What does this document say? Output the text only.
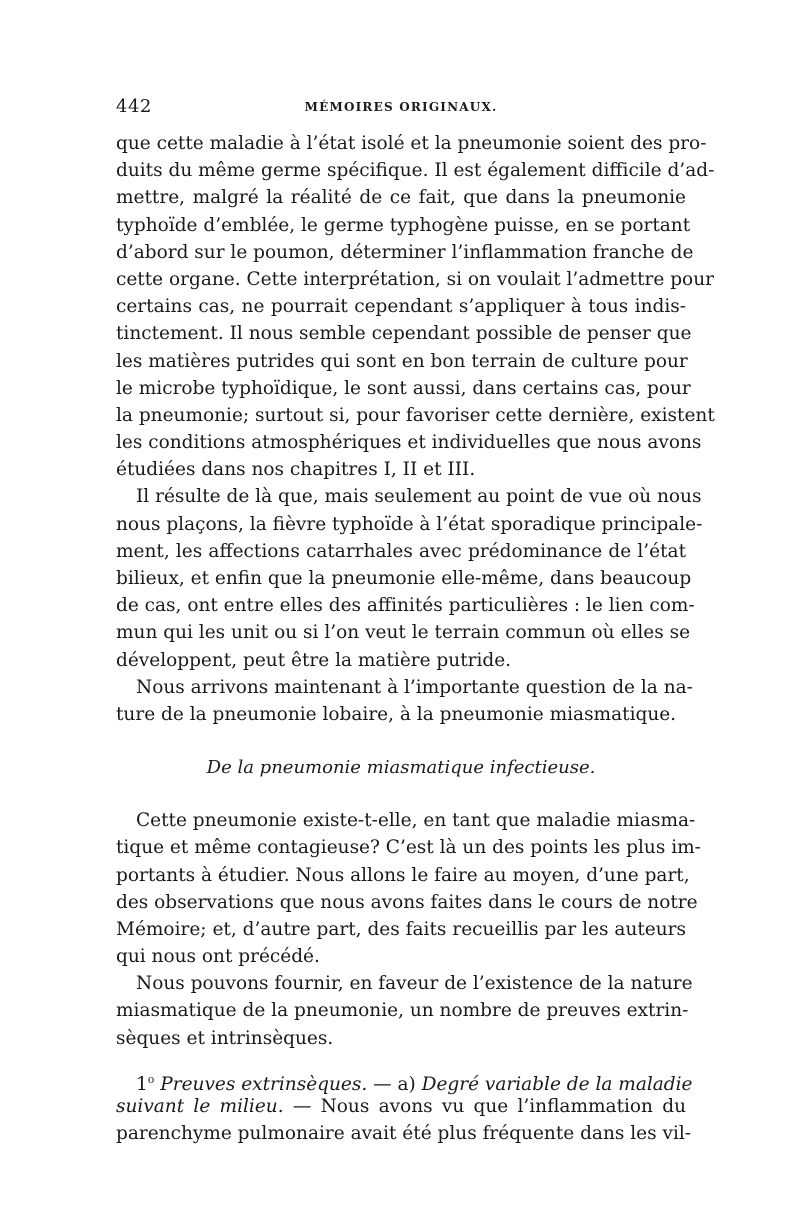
442	MÉMOIRES ORIGINAUX.
que cette maladie à l’état isolé et la pneumonie soient des pro-
duits du même germe spécifique. Il est également difficile d’ad-
mettre, malgré la réalité de ce fait, que dans la pneumonie
typhoïde d’emblée, le germe typhogène puisse, en se portant
d’abord sur le poumon, déterminer l’inflammation franche de
cette organe. Cette interprétation, si on voulait l’admettre pour
certains cas, ne pourrait cependant s’appliquer à tous indis-
tinctement. Il nous semble cependant possible de penser que
les matières putrides qui sont en bon terrain de culture pour
le microbe typhoïdique, le sont aussi, dans certains cas, pour
la pneumonie; surtout si, pour favoriser cette dernière, existent
les conditions atmosphériques et individuelles que nous avons
étudiées dans nos chapitres I, II et III.
Il résulte de là que, mais seulement au point de vue où nous
nous plaçons, la fièvre typhoïde à l’état sporadique principale-
ment, les affections catarrhales avec prédominance de l’état
bilieux, et enfin que la pneumonie elle-même, dans beaucoup
de cas, ont entre elles des affinités particulières : le lien com-
mun qui les unit ou si l’on veut le terrain commun où elles se
développent, peut être la matière putride.
Nous arrivons maintenant à l’importante question de la na-
ture de la pneumonie lobaire, à la pneumonie miasmatique.
De la pneumonie miasmatique infectieuse.
Cette pneumonie existe-t-elle, en tant que maladie miasma-
tique et même contagieuse? C’est là un des points les plus im-
portants à étudier. Nous allons le faire au moyen, d’une part,
des observations que nous avons faites dans le cours de notre
Mémoire; et, d’autre part, des faits recueillis par les auteurs
qui nous ont précédé.
Nous pouvons fournir, en faveur de l’existence de la nature
miasmatique de la pneumonie, un nombre de preuves extrin-
sèques et intrinsèques.
1$^o$ Preuves extrinsèques. — a) Degré variable de la maladie
suivant le milieu. — Nous avons vu que l’inflammation du
parenchyme pulmonaire avait été plus fréquente dans les vil-
